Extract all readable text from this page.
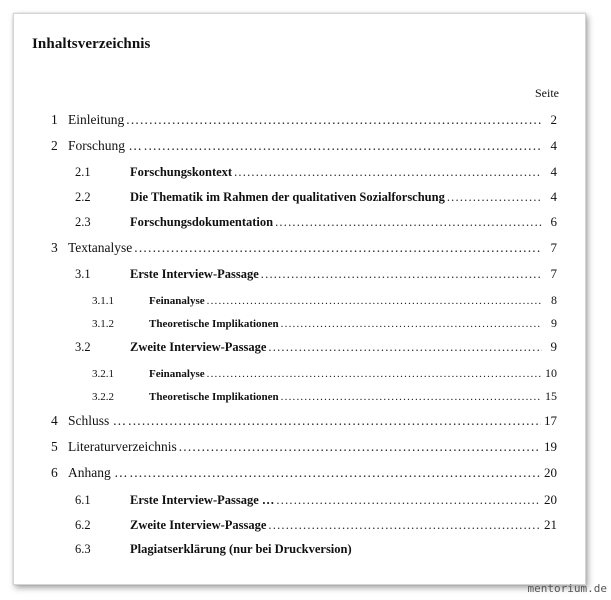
Inhaltsverzeichnis
Seite
1 Einleitung .....	2
2 Forschung … .....	4
2.1	Forschungskontext .....	4
2.2	Die Thematik im Rahmen der qualitativen Sozialforschung .....	4
2.3	Forschungsdokumentation .....	6
3 Textanalyse .....	7
3.1	Erste Interview-Passage .....	7
3.1.1	Feinanalyse .....	8
3.1.2	Theoretische Implikationen .....	9
3.2	Zweite Interview-Passage .....	9
3.2.1	Feinanalyse .....	10
3.2.2	Theoretische Implikationen .....	15
4 Schluss … .....	17
5 Literaturverzeichnis .....	19
6 Anhang … .....	20
6.1	Erste Interview-Passage … .....	20
6.2	Zweite Interview-Passage .....	21
6.3	Plagiatserklärung (nur bei Druckversion)
mentorium.de
